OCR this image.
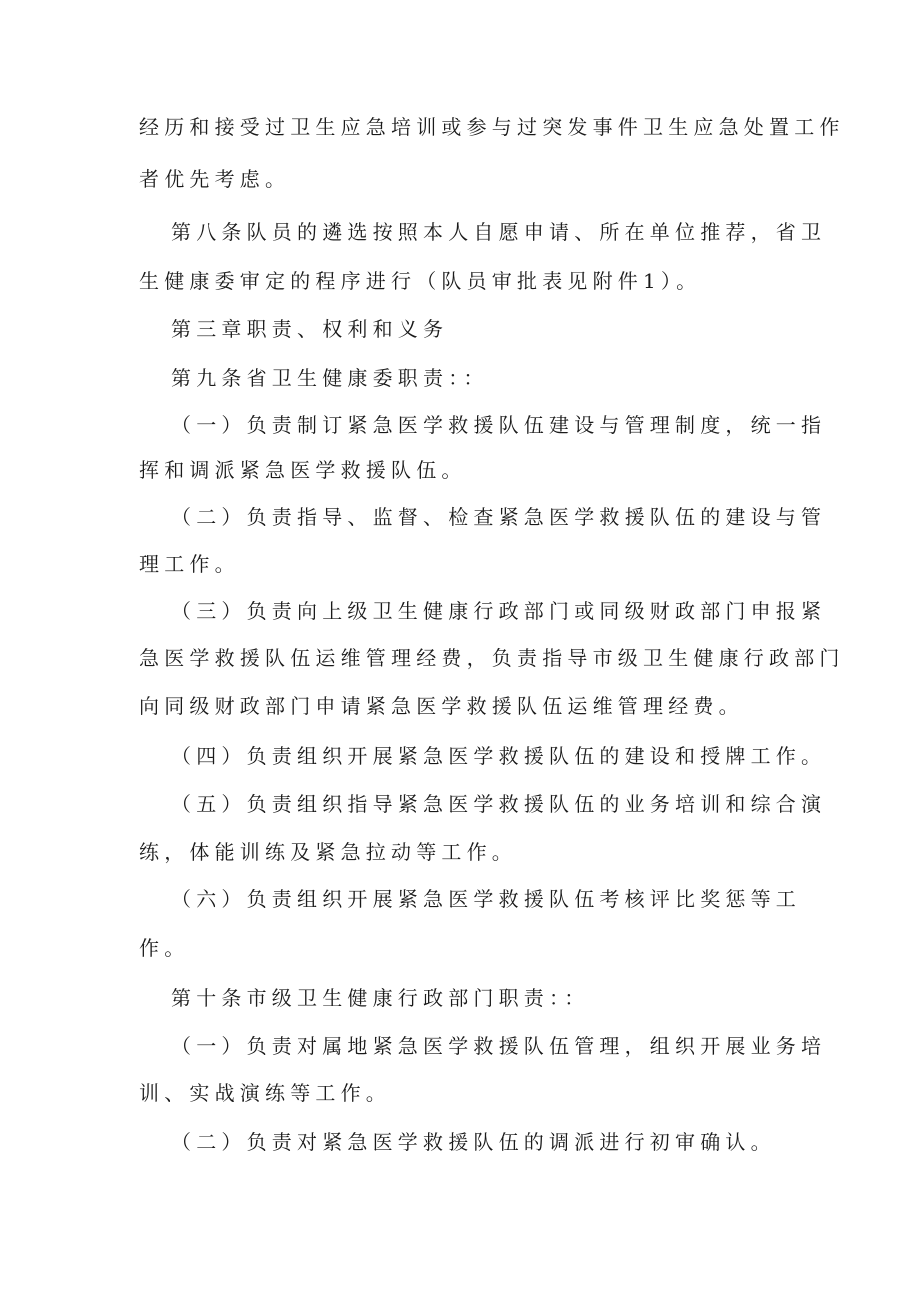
经历和接受过卫生应急培训或参与过突发事件卫生应急处置工作
者优先考虑。
第八条队员的遴选按照本人自愿申请、所在单位推荐，省卫
生健康委审定的程序进行（队员审批表见附件1）。
第三章职责、权利和义务
第九条省卫生健康委职责：：
（一）负责制订紧急医学救援队伍建设与管理制度，统一指
挥和调派紧急医学救援队伍。
（二）负责指导、监督、检查紧急医学救援队伍的建设与管
理工作。
（三）负责向上级卫生健康行政部门或同级财政部门申报紧
急医学救援队伍运维管理经费，负责指导市级卫生健康行政部门
向同级财政部门申请紧急医学救援队伍运维管理经费。
（四）负责组织开展紧急医学救援队伍的建设和授牌工作。
（五）负责组织指导紧急医学救援队伍的业务培训和综合演
练，体能训练及紧急拉动等工作。
（六）负责组织开展紧急医学救援队伍考核评比奖惩等工
作。
第十条市级卫生健康行政部门职责：：
（一）负责对属地紧急医学救援队伍管理，组织开展业务培
训、实战演练等工作。
（二）负责对紧急医学救援队伍的调派进行初审确认。
